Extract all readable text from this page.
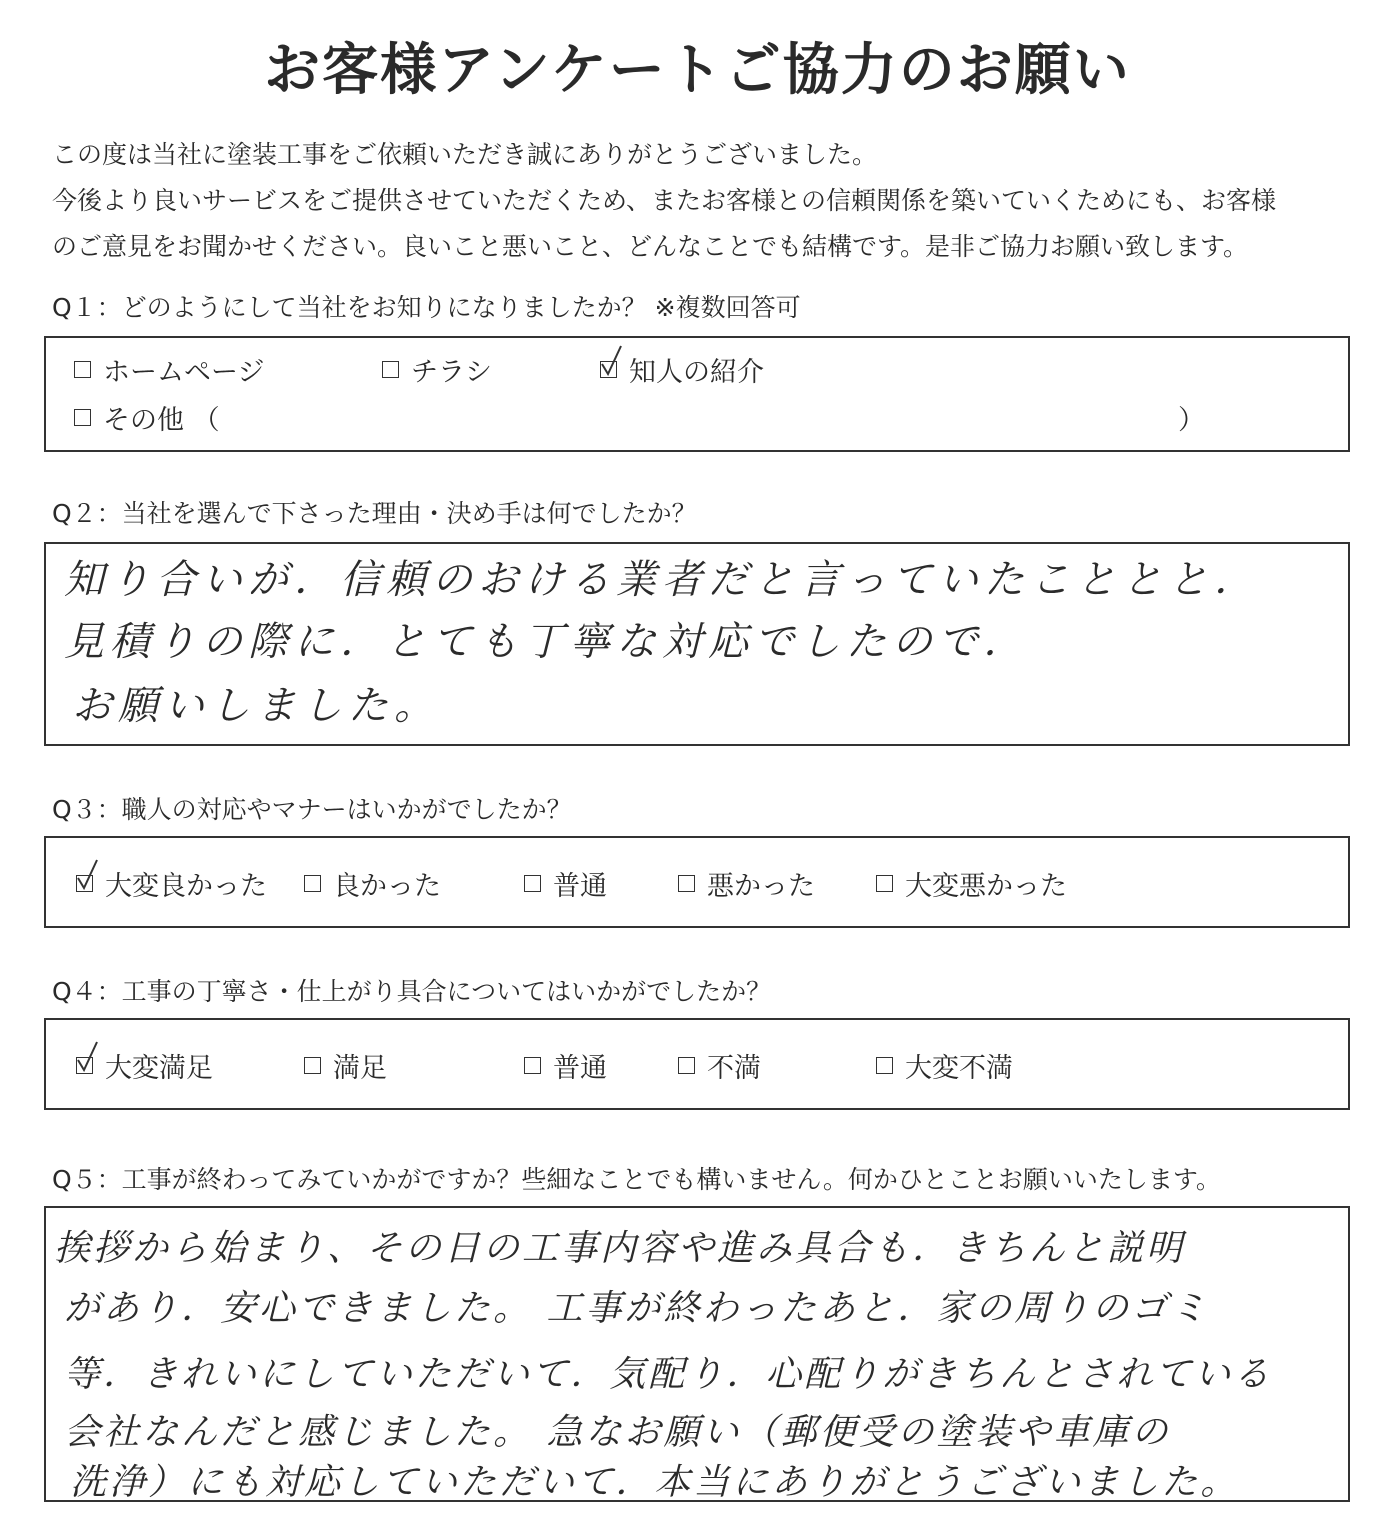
お客様アンケートご協力のお願い
この度は当社に塗装工事をご依頼いただき誠にありがとうございました。
今後より良いサービスをご提供させていただくため、またお客様との信頼関係を築いていくためにも、お客様
のご意見をお聞かせください。良いこと悪いこと、どんなことでも結構です。是非ご協力お願い致します。
Q１：どのようにして当社をお知りになりましたか？ ※複数回答可
ホームページ	チラシ	知人の紹介
その他 （	）
Q２：当社を選んで下さった理由・決め手は何でしたか？
知り合いが．信頼のおける業者だと言っていたこととと．
見積りの際に．とても丁寧な対応でしたので．
お願いしました。
Q３：職人の対応やマナーはいかがでしたか？
大変良かった 良かった	普通	悪かった	大変悪かった
Q４：工事の丁寧さ・仕上がり具合についてはいかがでしたか？
大変満足	満足	普通	不満	大変不満
Q５：工事が終わってみていかがですか？些細なことでも構いません。何かひとことお願いいたします。
挨拶から始まり、その日の工事内容や進み具合も．きちんと説明
があり．安心できました。 工事が終わったあと．家の周りのゴミ
等．きれいにしていただいて．気配り．心配りがきちんとされている
会社なんだと感じました。 急なお願い（郵便受の塗装や車庫の
洗浄）にも対応していただいて．本当にありがとうございました。
